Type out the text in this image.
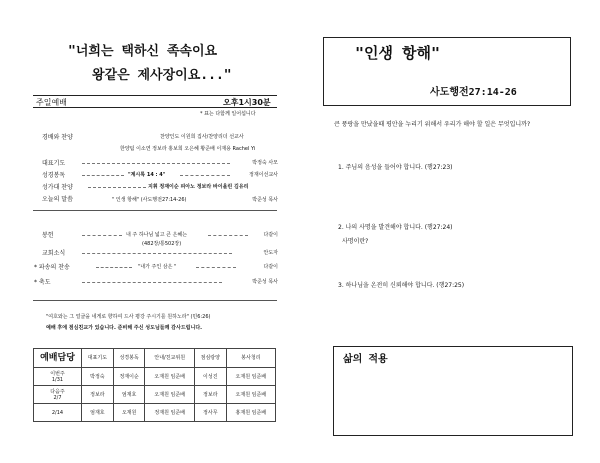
"너희는 택하신 족속이요
왕같은 제사장이요..."
주일예배	오후1시30분
* 표는 다함께 일어섭니다
경배와 찬양	찬양인도 이원희 집사/찬양리더 선교사
한양팀 이소연 정보라 홍보희 오은혜 황준배 이재용 Rachel Yi
대표기도	박정숙 사모
성경봉독	"계시록 14 : 4"	정재이선교사
성가대 찬양	지휘 정재이순 피아노 정보라 바이올린 김유리
오늘의 말씀	" 인생 항해" (사도행전27:14-26)	박준성 목사
봉헌	내 주 하나님 넓고 큰 은혜는
(482장/통502장)
다같이
교회소식	안도자
* 파송의 찬송	"내가 주인 삼은 "	다같이
* 축도	박준성 목사
"여호와는 그 얼굴을 네게로 향하여 드사 평강 주시기를 원하노라" (민6:26)
예배 후에 점심친교가 있습니다. 준비해 주신 성도님들께 감사드립니다.
예배담당	대표기도	성경봉독	안내/친교위원	점심랑양	봉사청리
이번주
1/31	박정숙	정재이순	오재원 임준배	이성진	오재원 임준배
다음주
2/7	정보라	엄재호	오재원 임준배	정보라	오재원 임준배
2/14	엄재호	오재원	정재원 임준배	정사무	홍재원 임준배
"인생 항해"
사도행전27:14-26
큰 풍랑을 만났을때 평안을 누리기 위해서 우리가 해야 할 일은 무엇입니까?
1. 주님의 음성을 들어야 합니다. (행27:23)
2. 나의 사명을 발견해야 합니다. (행27:24)
사명이란?
3. 하나님을 온전히 신뢰해야 합니다. (행27:25)
삶의 적용
